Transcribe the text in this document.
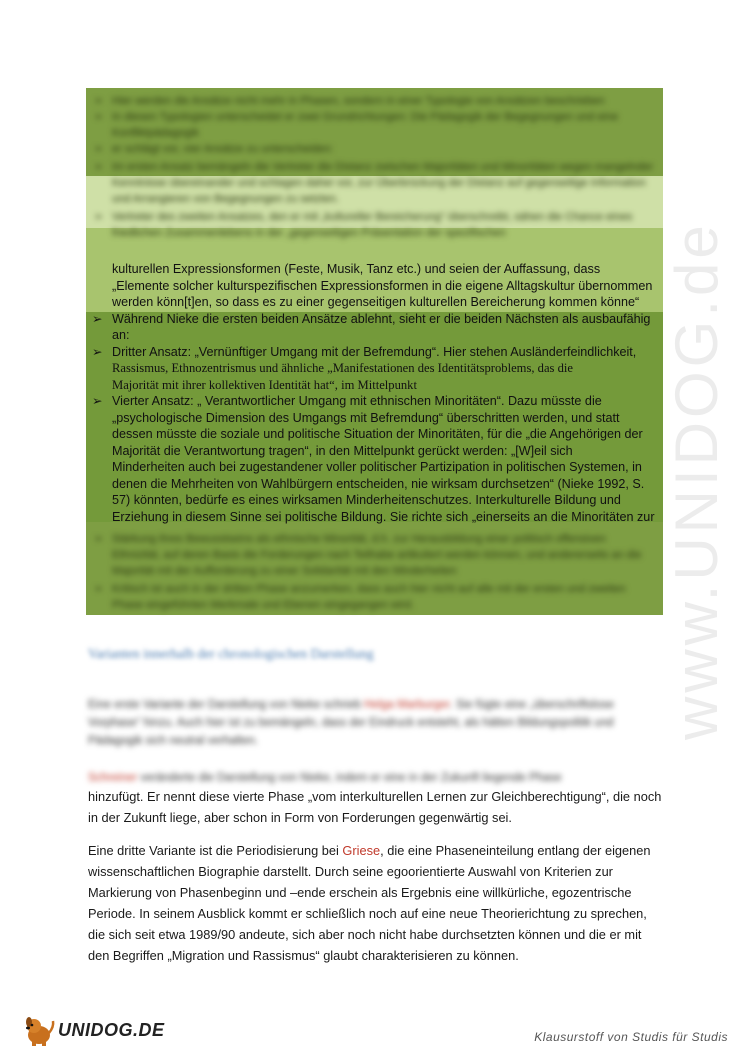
www.UNIDOG.de

➢ Hier werden die Ansätze nicht mehr in Phasen, sondern in einer Typologie von Ansätzen beschrieben

➢ In diesen Typologien unterscheidet er zwei Grundrichtungen: Die Pädagogik der Begegnungen und eine Konfliktpädagogik

➢ er schlägt vor, vier Ansätze zu unterscheiden:

➢ Im ersten Ansatz bemängeln die Vertreter die Distanz zwischen Majoritäten und Minoritäten wegen mangelnder Kenntnisse übereinander und schlagen daher vor, zur Überbrückung der Distanz auf gegenseitige Information und Arrangieren von Begegnungen zu setzten.

➢ Vertreter des zweiten Ansatzes, den er mit „kultureller Bereicherung“ überschreibt, sähen die Chance eines friedlichen Zusammenlebens in der „gegenseitigen Präsentation der spezifischen

kulturellen Expressionsformen (Feste, Musik, Tanz etc.) und seien der Auffassung, dass
„Elemente solcher kulturspezifischen Expressionsformen in die eigene Alltagskultur übernommen
werden könn[t]en, so dass es zu einer gegenseitigen kulturellen Bereicherung kommen könne“
➢ Während Nieke die ersten beiden Ansätze ablehnt, sieht er die beiden Nächsten als ausbaufähig
an:
➢ Dritter Ansatz: „Vernünftiger Umgang mit der Befremdung“. Hier stehen Ausländerfeindlichkeit,
Rassismus, Ethnozentrismus und ähnliche „Manifestationen des Identitätsproblems, das die
Majorität mit ihrer kollektiven Identität hat“, im Mittelpunkt
➢ Vierter Ansatz: „ Verantwortlicher Umgang mit ethnischen Minoritäten“. Dazu müsste die
„psychologische Dimension des Umgangs mit Befremdung“ überschritten werden, und statt
dessen müsste die soziale und politische Situation der Minoritäten, für die „die Angehörigen der
Majorität die Verantwortung tragen“, in den Mittelpunkt gerückt werden: „[W]eil sich
Minderheiten auch bei zugestandener voller politischer Partizipation in politischen Systemen, in
denen die Mehrheiten von Wahlbürgern entscheiden, nie wirksam durchsetzen“ (Nieke 1992, S.
57) könnten, bedürfe es eines wirksamen Minderheitenschutzes. Interkulturelle Bildung und
Erziehung in diesem Sinne sei politische Bildung. Sie richte sich „einerseits an die Minoritäten zur

➢ Stärkung ihres Bewusstseins als ethnische Minorität, d.h. zur Herausbildung einer politisch offensiven Ethnizität, auf deren Basis die Forderungen nach Teilhabe artikuliert werden können, und andererseits an die Majorität mit der Aufforderung zu einer Solidarität mit den Minderheiten

➢ Kritisch ist auch in der dritten Phase anzumerken, dass auch hier nicht auf alle mit der ersten und zweiten Phase eingeführten Merkmale und Ebenen eingegangen wird.

Varianten innerhalb der chronologischen Darstellung
Eine erste Variante der Darstellung von Nieke schrieb Helga Marburger. Sie fügte eine „überschriftslose Vorphase“ hinzu. Auch hier ist zu bemängeln, dass der Eindruck entsteht, als hätten Bildungspolitik und Pädagogik sich neutral verhalten.
Schreiner veränderte die Darstellung von Nieke, indem er eine in der Zukunft liegende Phase
hinzufügt. Er nennt diese vierte Phase „vom interkulturellen Lernen zur Gleichberechtigung“, die noch in der Zukunft liege, aber schon in Form von Forderungen gegenwärtig sei.
Eine dritte Variante ist die Periodisierung bei Griese, die eine Phaseneinteilung entlang der eigenen wissenschaftlichen Biographie darstellt. Durch seine egoorientierte Auswahl von Kriterien zur Markierung von Phasenbeginn und –ende erschein als Ergebnis eine willkürliche, egozentrische Periode. In seinem Ausblick kommt er schließlich noch auf eine neue Theorierichtung zu sprechen, die sich seit etwa 1989/90 andeute, sich aber noch nicht habe durchsetzten können und die er mit den Begriffen „Migration und Rassismus“ glaubt charakterisieren zu können.
UNIDOG.DE	Klausurstoff von Studis für Studis
